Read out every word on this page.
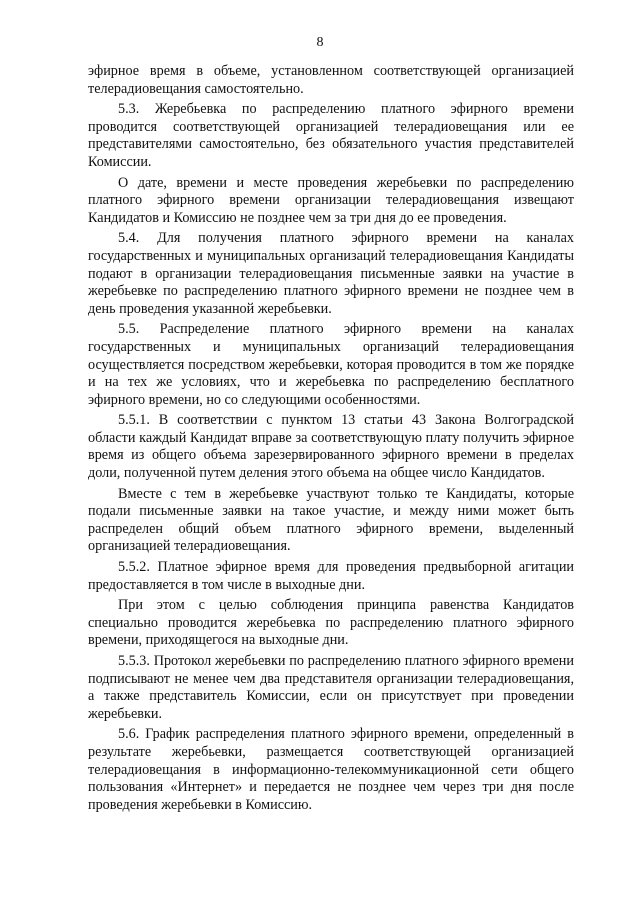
8

эфирное время в объеме, установленном соответствующей организацией телерадиовещания самостоятельно.

5.3. Жеребьевка по распределению платного эфирного времени проводится соответствующей организацией телерадиовещания или ее представителями самостоятельно, без обязательного участия представителей Комиссии.

О дате, времени и месте проведения жеребьевки по распределению платного эфирного времени организации телерадиовещания извещают Кандидатов и Комиссию не позднее чем за три дня до ее проведения.

5.4. Для получения платного эфирного времени на каналах государственных и муниципальных организаций телерадиовещания Кандидаты подают в организации телерадиовещания письменные заявки на участие в жеребьевке по распределению платного эфирного времени не позднее чем в день проведения указанной жеребьевки.

5.5. Распределение платного эфирного времени на каналах государственных и муниципальных организаций телерадиовещания осуществляется посредством жеребьевки, которая проводится в том же порядке и на тех же условиях, что и жеребьевка по распределению бесплатного эфирного времени, но со следующими особенностями.

5.5.1. В соответствии с пунктом 13 статьи 43 Закона Волгоградской области каждый Кандидат вправе за соответствующую плату получить эфирное время из общего объема зарезервированного эфирного времени в пределах доли, полученной путем деления этого объема на общее число Кандидатов.

Вместе с тем в жеребьевке участвуют только те Кандидаты, которые подали письменные заявки на такое участие, и между ними может быть распределен общий объем платного эфирного времени, выделенный организацией телерадиовещания.

5.5.2. Платное эфирное время для проведения предвыборной агитации предоставляется в том числе в выходные дни.

При этом с целью соблюдения принципа равенства Кандидатов специально проводится жеребьевка по распределению платного эфирного времени, приходящегося на выходные дни.

5.5.3. Протокол жеребьевки по распределению платного эфирного времени подписывают не менее чем два представителя организации телерадиовещания, а также представитель Комиссии, если он присутствует при проведении жеребьевки.

5.6. График распределения платного эфирного времени, определенный в результате жеребьевки, размещается соответствующей организацией телерадиовещания в информационно-телекоммуникационной сети общего пользования «Интернет» и передается не позднее чем через три дня после проведения жеребьевки в Комиссию.
